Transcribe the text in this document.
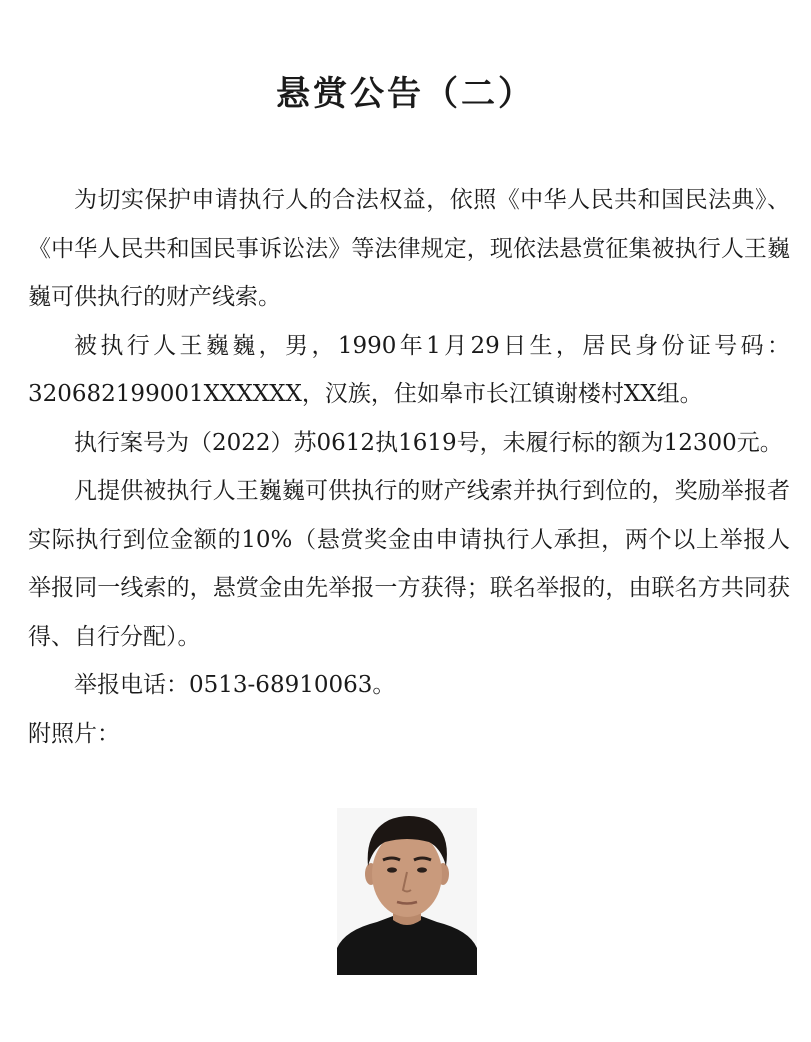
悬赏公告（二）

为切实保护申请执行人的合法权益，依照《中华人民共和国民法典》、《中华人民共和国民事诉讼法》等法律规定，现依法悬赏征集被执行人王巍巍可供执行的财产线索。

被执行人王巍巍，男，1990年1月29日生，居民身份证号码：320682199001XXXXXX，汉族，住如皋市长江镇谢楼村XX组。

执行案号为（2022）苏0612执1619号，未履行标的额为12300元。

凡提供被执行人王巍巍可供执行的财产线索并执行到位的，奖励举报者实际执行到位金额的10%（悬赏奖金由申请执行人承担，两个以上举报人举报同一线索的，悬赏金由先举报一方获得；联名举报的，由联名方共同获得、自行分配）。

举报电话：0513-68910063。

附照片：
